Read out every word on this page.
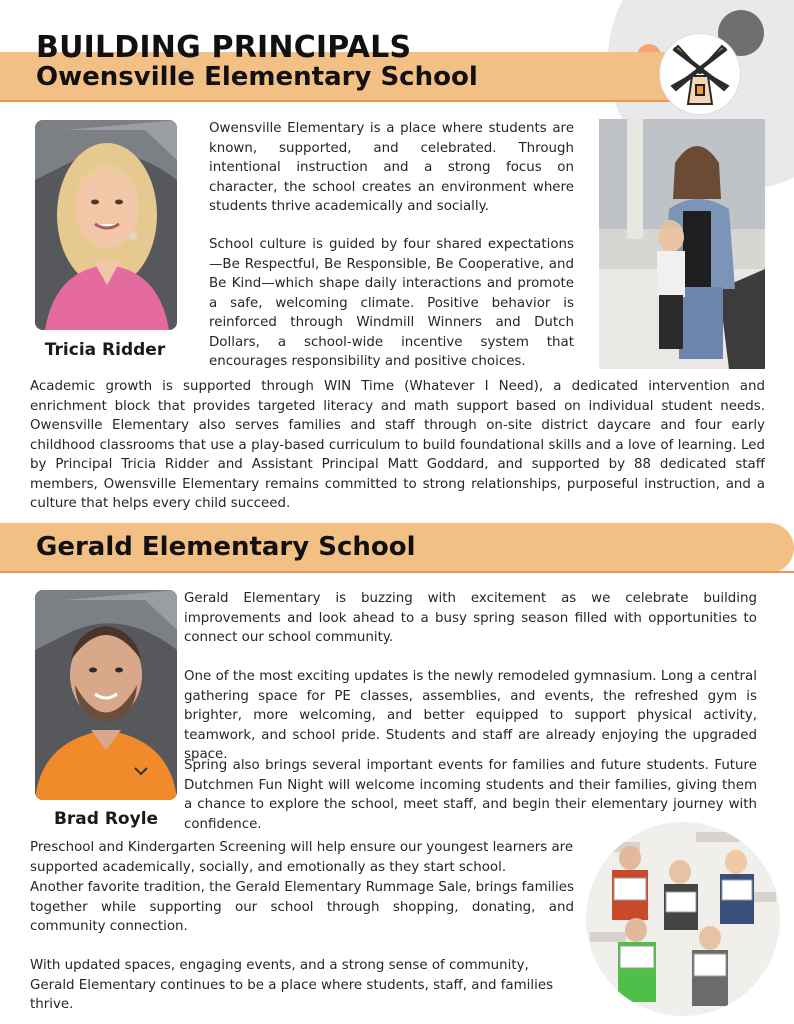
BUILDING PRINCIPALS
Owensville Elementary School
Tricia Ridder

Owensville Elementary is a place where students are known, supported, and celebrated. Through intentional instruction and a strong focus on character, the school creates an environment where students thrive academically and socially.

School culture is guided by four shared expectations—Be Respectful, Be Responsible, Be Cooperative, and Be Kind—which shape daily interactions and promote a safe, welcoming climate. Positive behavior is reinforced through Windmill Winners and Dutch Dollars, a school-wide incentive system that encourages responsibility and positive choices.

Academic growth is supported through WIN Time (Whatever I Need), a dedicated intervention and enrichment block that provides targeted literacy and math support based on individual student needs. Owensville Elementary also serves families and staff through on-site district daycare and four early childhood classrooms that use a play-based curriculum to build foundational skills and a love of learning. Led by Principal Tricia Ridder and Assistant Principal Matt Goddard, and supported by 88 dedicated staff members, Owensville Elementary remains committed to strong relationships, purposeful instruction, and a culture that helps every child succeed.

Gerald Elementary School
Brad Royle

Gerald Elementary is buzzing with excitement as we celebrate building improvements and look ahead to a busy spring season filled with opportunities to connect our school community.

One of the most exciting updates is the newly remodeled gymnasium. Long a central gathering space for PE classes, assemblies, and events, the refreshed gym is brighter, more welcoming, and better equipped to support physical activity, teamwork, and school pride. Students and staff are already enjoying the upgraded space.

Spring also brings several important events for families and future students. Future Dutchmen Fun Night will welcome incoming students and their families, giving them a chance to explore the school, meet staff, and begin their elementary journey with confidence.

Preschool and Kindergarten Screening will help ensure our youngest learners are supported academically, socially, and emotionally as they start school.

Another favorite tradition, the Gerald Elementary Rummage Sale, brings families together while supporting our school through shopping, donating, and community connection.

With updated spaces, engaging events, and a strong sense of community, Gerald Elementary continues to be a place where students, staff, and families thrive.
